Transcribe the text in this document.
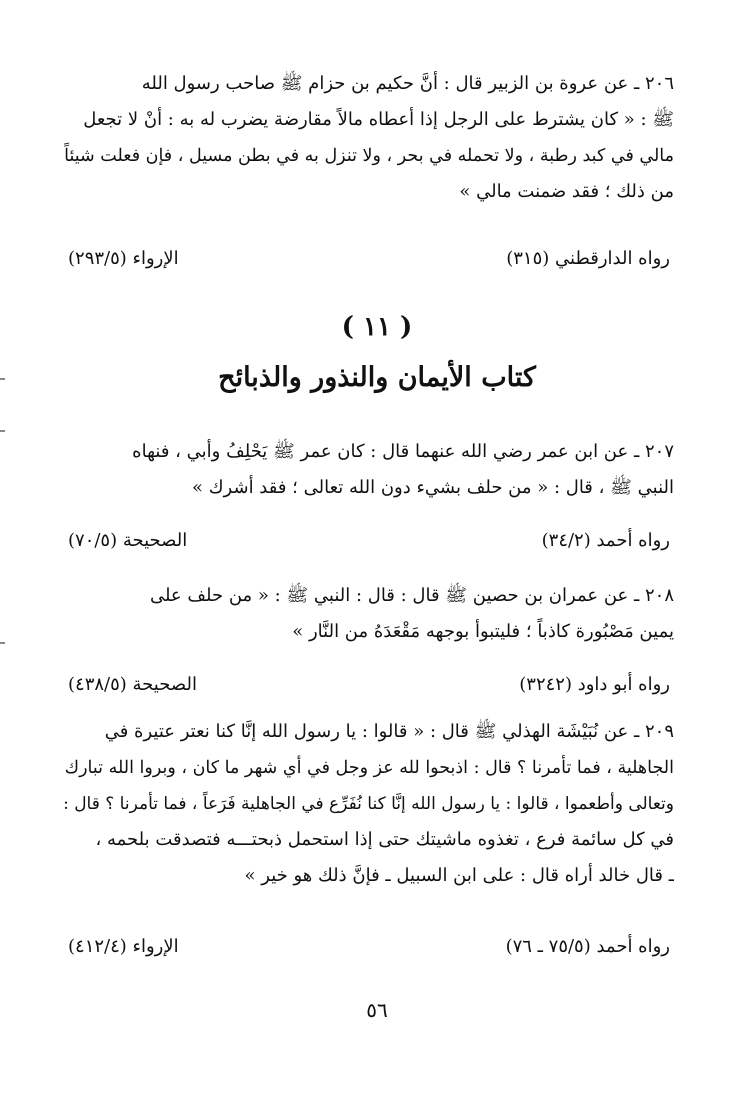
٢٠٦ ـ عن عروة بن الزبير قال : أنَّ حكيم بن حزام ﷺ صاحب رسول الله
ﷺ : « كان يشترط على الرجل إذا أعطاه مالاً مقارضة يضرب له به : أنْ لا تجعل
مالي في كبد رطبة ، ولا تحمله في بحر ، ولا تنزل به في بطن مسيل ، فإن فعلت شيئاً
من ذلك ؛ فقد ضمنت مالي »
رواه الدارقطني (٣١٥)
الإرواء (٢٩٣/٥)
( ١١ )
كتاب الأيمان والنذور والذبائح
٢٠٧ ـ عن ابن عمر رضي الله عنهما قال : كان عمر ﷺ يَحْلِفُ وأبي ، فنهاه
النبي ﷺ ، قال : « من حلف بشيء دون الله تعالى ؛ فقد أشرك »
رواه أحمد (٣٤/٢)
الصحيحة (٧٠/٥)
٢٠٨ ـ عن عمران بن حصين ﷺ قال : قال : النبي ﷺ : « من حلف على
يمين مَصْبُورة كاذباً ؛ فليتبوأ بوجهه مَقْعَدَهُ من النَّار »
رواه أبو داود (٣٢٤٢)
الصحيحة (٤٣٨/٥)
٢٠٩ ـ عن نُبَيْشَة الهذلي ﷺ قال : « قالوا : يا رسول الله إنَّا كنا نعتر عتيرة في
الجاهلية ، فما تأمرنا ؟ قال : اذبحوا لله عز وجل في أي شهر ما كان ، وبروا الله تبارك
وتعالى وأطعموا ، قالوا : يا رسول الله إنَّا كنا نُفَرِّع في الجاهلية فَرَعاً ، فما تأمرنا ؟ قال :
في كل سائمة فرع ، تغذوه ماشيتك حتى إذا استحمل ذبحتـــه فتصدقت بلحمه ،
ـ قال خالد أراه قال : على ابن السبيل ـ فإنَّ ذلك هو خير »
رواه أحمد (٧٥/٥ ـ ٧٦)
الإرواء (٤١٢/٤)
٥٦
